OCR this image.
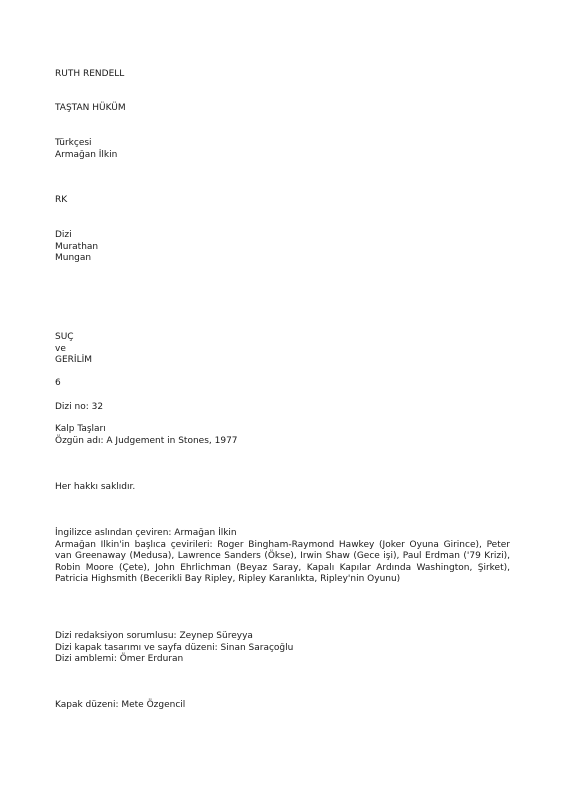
RUTH RENDELL
TAŞTAN HÜKÜM
Türkçesi
Armağan İlkin
RK
Dizi
Murathan
Mungan
SUÇ
ve
GERİLİM
6
Dizi no: 32
Kalp Taşları
Özgün adı: A Judgement in Stones, 1977
Her hakkı saklıdır.
İngilizce aslından çeviren: Armağan İlkin
Armağan Ilkin'in başlıca çevirileri: Roger Bingham-Raymond Hawkey (Joker Oyuna Girince), Peter van Greenaway (Medusa), Lawrence Sanders (Ökse), Irwin Shaw (Gece işi), Paul Erdman ('79 Krizi), Robin Moore (Çete), John Ehrlichman (Beyaz Saray, Kapalı Kapılar Ardında Washington, Şirket), Patricia Highsmith (Becerikli Bay Ripley, Ripley Karanlıkta, Ripley'nin Oyunu)
Dizi redaksiyon sorumlusu: Zeynep Süreyya
Dizi kapak tasarımı ve sayfa düzeni: Sinan Saraçoğlu
Dizi amblemi: Ömer Erduran
Kapak düzeni: Mete Özgencil
